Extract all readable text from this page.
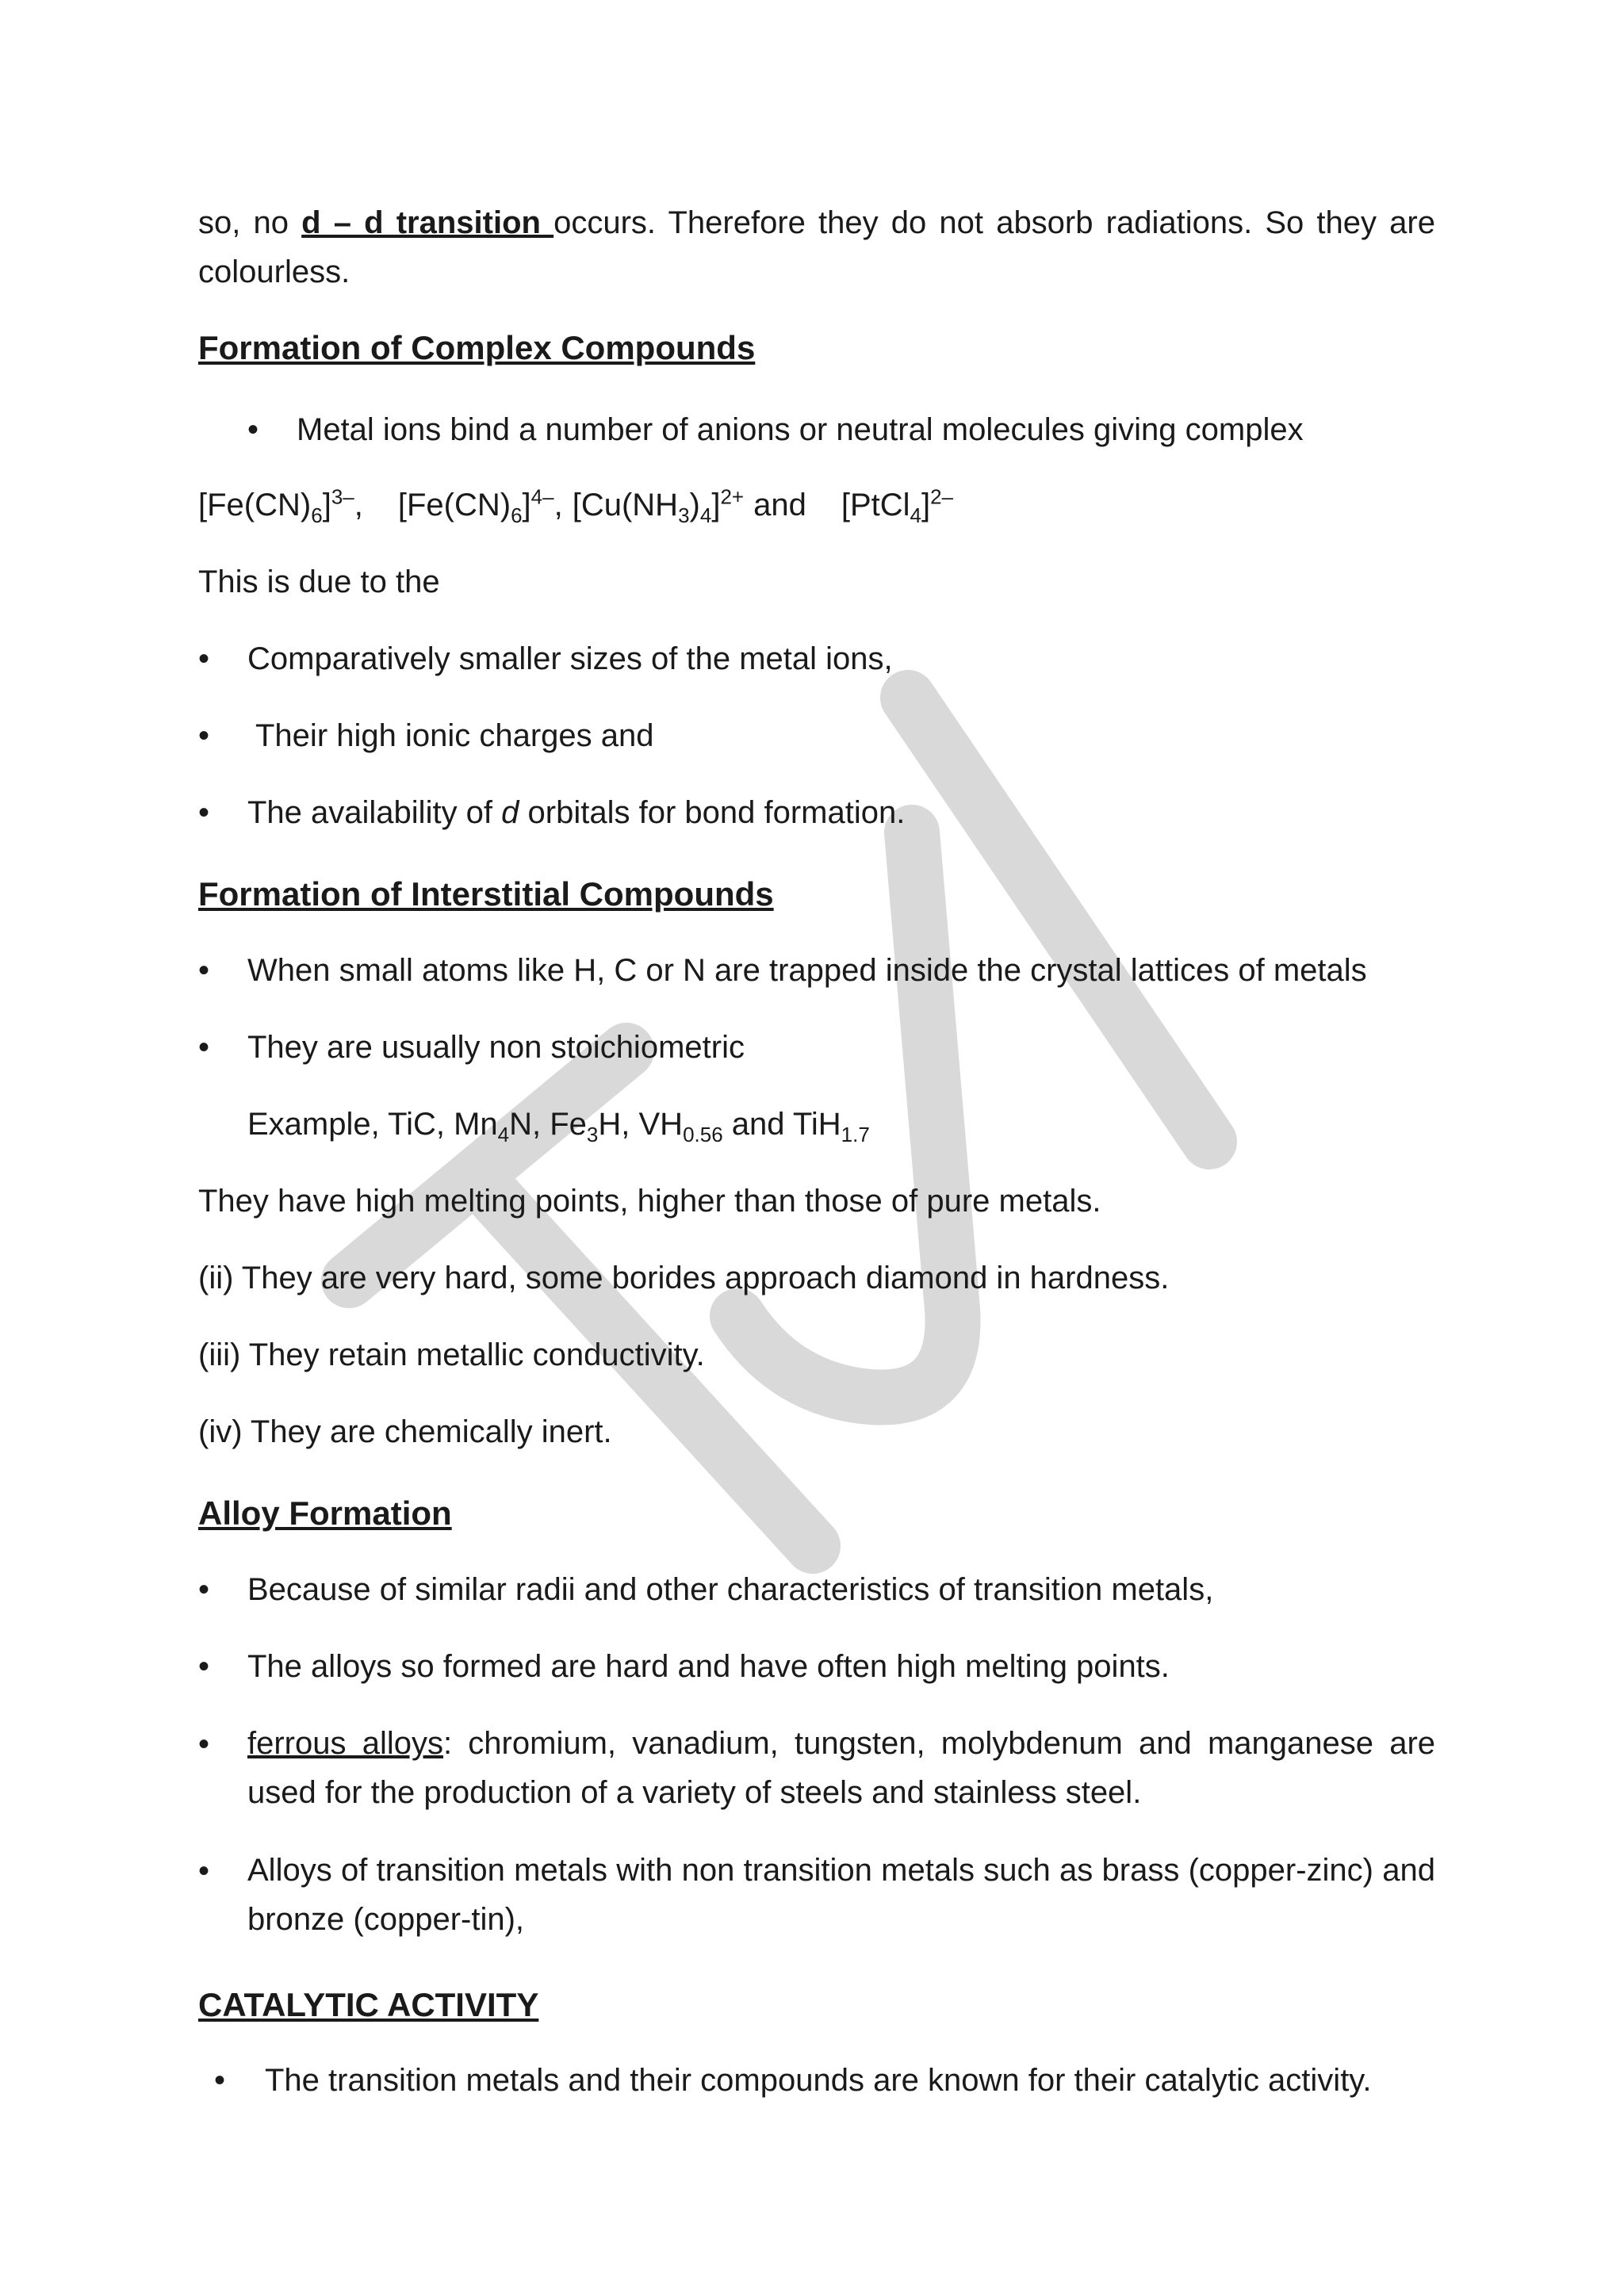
so, no d – d transition occurs. Therefore they do not absorb radiations. So they are colourless.
Formation of Complex Compounds
• Metal ions bind a number of anions or neutral molecules giving complex
$[Fe(CN)_6]^{3-}$, $[Fe(CN)_6]^{4-}$, $[Cu(NH_3)_4]^{2+}$ and [PtCl$_4$]$^{2-}$
This is due to the
• Comparatively smaller sizes of the metal ions,
• Their high ionic charges and
• The availability of d orbitals for bond formation.
Formation of Interstitial Compounds
• When small atoms like H, C or N are trapped inside the crystal lattices of metals
• They are usually non stoichiometric
Example, TiC, $Mn_4N$, $Fe_3H$, $VH_{0.56}$ and TiH$_{1.7}$
They have high melting points, higher than those of pure metals.
(ii) They are very hard, some borides approach diamond in hardness.
(iii) They retain metallic conductivity.
(iv) They are chemically inert.
Alloy Formation
• Because of similar radii and other characteristics of transition metals,
• The alloys so formed are hard and have often high melting points.
• ferrous alloys: chromium, vanadium, tungsten, molybdenum and manganese are used for the production of a variety of steels and stainless steel.
• Alloys of transition metals with non transition metals such as brass (copper-zinc) and bronze (copper-tin),
CATALYTIC ACTIVITY
• The transition metals and their compounds are known for their catalytic activity.
